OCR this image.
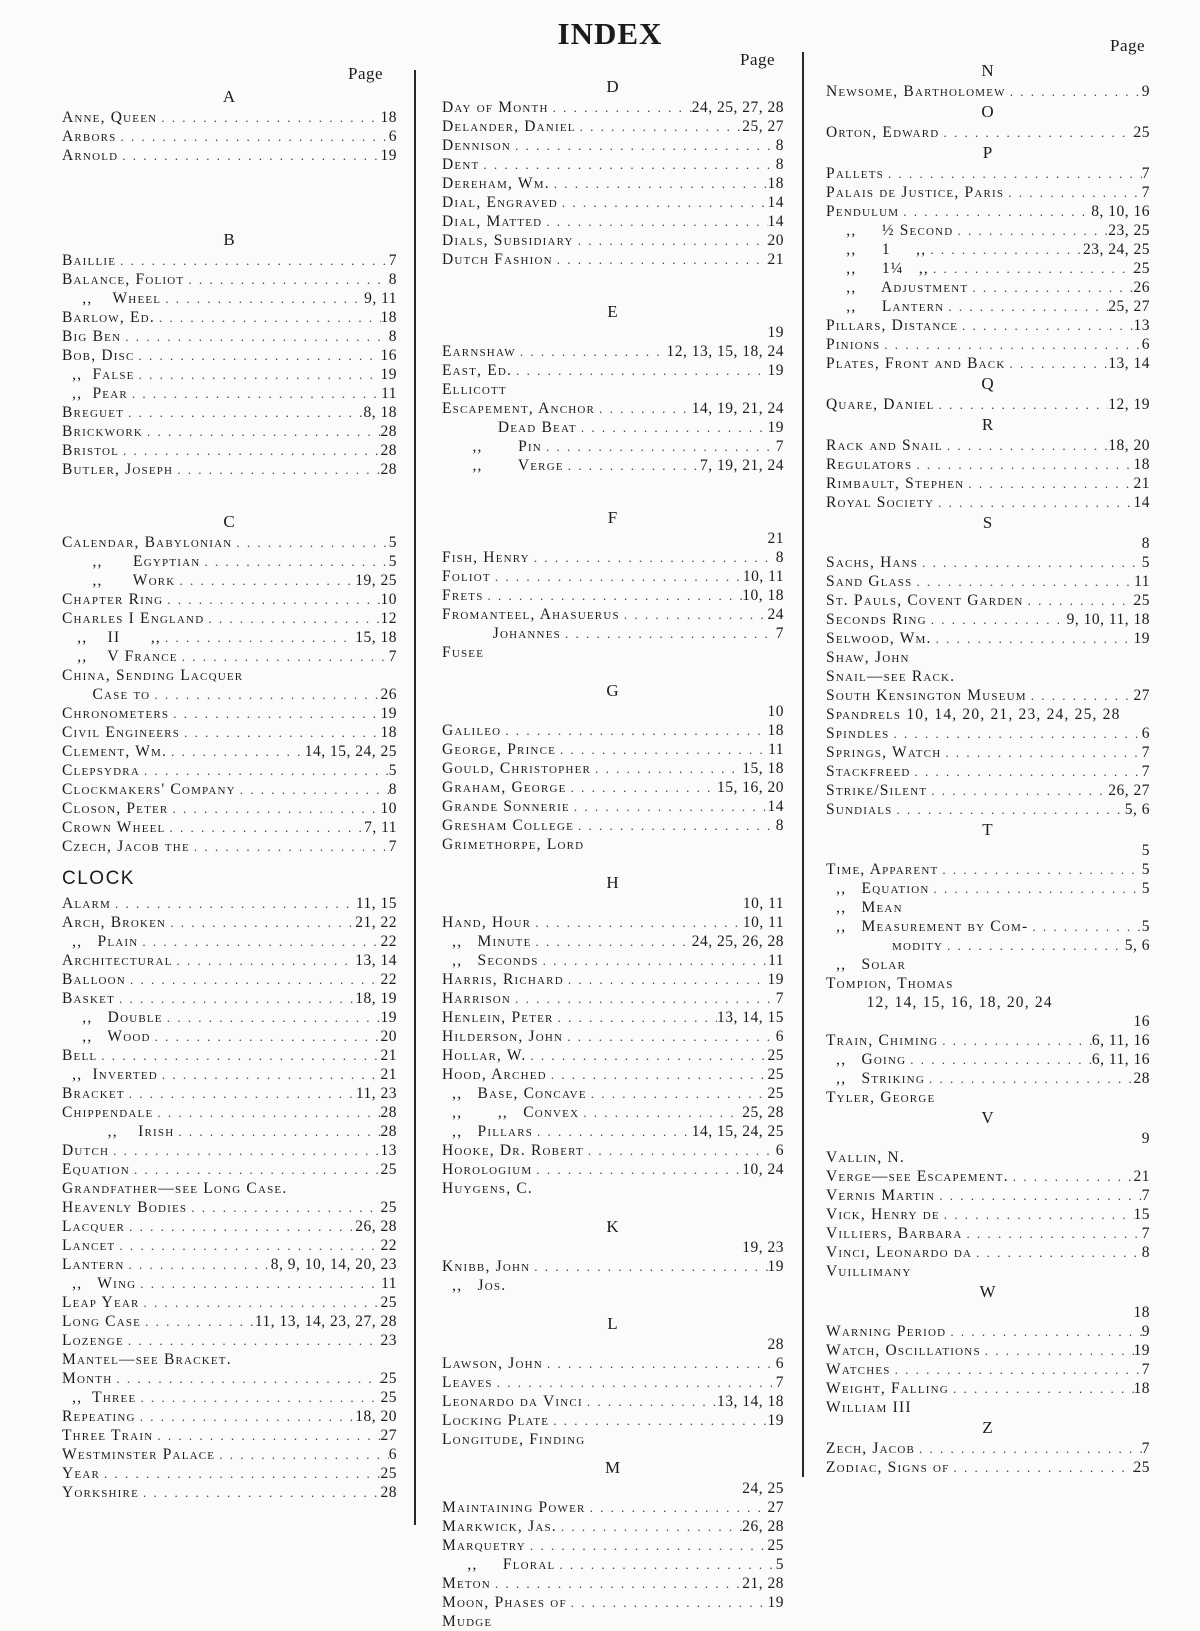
INDEX
Page
Page
Page
A
Anne, Queen . . .	18
Arbors . . .	6
Arnold . . .	19
B
Baillie . . .	7
Balance, Foliot . . .	8
,,    Wheel . . .	9, 11
Barlow, Ed. . . .	18
Big Ben . . .	8
Bob, Disc . . .	16
,,  False . . .	19
,,  Pear . . .	11
Breguet . . .	8, 18
Brickwork . . .	28
Bristol . . .	28
Butler, Joseph . . .	28
C
Calendar, Babylonian . . .	5
,,      Egyptian . . .	5
,,      Work . . .	19, 25
Chapter Ring . . .	10
Charles I England . . .	12
,,    II      ,, . . .	15, 18
,,    V France . . .	7
China, Sending Lacquer
Case to . . .	26
Chronometers . . .	19
Civil Engineers . . .	18
Clement, Wm. . . .	14, 15, 24, 25
Clepsydra . . .	5
Clockmakers' Company . . .	8
Closon, Peter . . .	10
Crown Wheel . . .	7, 11
Czech, Jacob the . . .	7
CLOCK
Alarm . . .	11, 15
Arch, Broken . . .	21, 22
,,   Plain . . .	22
Architectural . . .	13, 14
Balloon . . .	22
Basket . . .	18, 19
,,   Double . . .	19
,,   Wood . . .	20
Bell . . .	21
,,  Inverted . . .	21
Bracket . . .	11, 23
Chippendale . . .	28
,,    Irish . . .	28
Dutch . . .	13
Equation . . .	25
Grandfather—see Long Case.
Heavenly Bodies . . .	25
Lacquer . . .	26, 28
Lancet . . .	22
Lantern . . .	8, 9, 10, 14, 20, 23
,,   Wing . . .	11
Leap Year . . .	25
Long Case . . .	11, 13, 14, 23, 27, 28
Lozenge . . .	23
Mantel—see Bracket.
Month . . .	25
,,  Three . . .	25
Repeating . . .	18, 20
Three Train . . .	27
Westminster Palace . . .	6
Year . . .	25
Yorkshire . . .	28
D
Day of Month . . .	24, 25, 27, 28
Delander, Daniel . . .	25, 27
Dennison . . .	8
Dent . . .	8
Dereham, Wm. . . .	18
Dial, Engraved . . .	14
Dial, Matted . . .	14
Dials, Subsidiary . . .	20
Dutch Fashion . . .	21
E
19
Earnshaw . . .	12, 13, 15, 18, 24
East, Ed. . . .	19
Ellicott
Escapement, Anchor . . .	14, 19, 21, 24
Dead Beat . . .	19
,,       Pin . . .	7
,,       Verge . . .	7, 19, 21, 24
F
21
Fish, Henry . . .	8
Foliot . . .	10, 11
Frets . . .	10, 18
Fromanteel, Ahasuerus . . .	24
Johannes . . .	7
Fusee
G
10
Galileo . . .	18
George, Prince . . .	11
Gould, Christopher . . .	15, 18
Graham, George . . .	15, 16, 20
Grande Sonnerie . . .	14
Gresham College . . .	8
Grimethorpe, Lord
H
10, 11
Hand, Hour . . .	10, 11
,,   Minute . . .	24, 25, 26, 28
,,   Seconds . . .	11
Harris, Richard . . .	19
Harrison . . .	7
Henlein, Peter . . .	13, 14, 15
Hilderson, John . . .	6
Hollar, W. . . .	25
Hood, Arched . . .	25
,,   Base, Concave . . .	25
,,       ,,   Convex . . .	25, 28
,,   Pillars . . .	14, 15, 24, 25
Hooke, Dr. Robert . . .	6
Horologium . . .	10, 24
Huygens, C.
K
19, 23
Knibb, John . . .	19
,,   Jos.
L
28
Lawson, John . . .	6
Leaves . . .	7
Leonardo da Vinci . . .	13, 14, 18
Locking Plate . . .	19
Longitude, Finding
M
24, 25
Maintaining Power . . .	27
Markwick, Jas. . . .	26, 28
Marquetry . . .	25
,,     Floral . . .	5
Meton . . .	21, 28
Moon, Phases of . . .	19
Mudge
N
Newsome, Bartholomew . . .	9
O
Orton, Edward . . .	25
P
Pallets . . .	7
Palais de Justice, Paris . . .	7
Pendulum . . .	8, 10, 16
,,     ½ Second . . .	23, 25
,,     1     ,, . . .	23, 24, 25
,,     1¼   ,, . . .	25
,,     Adjustment . . .	26
,,     Lantern . . .	25, 27
Pillars, Distance . . .	13
Pinions . . .	6
Plates, Front and Back . . .	13, 14
Q
Quare, Daniel . . .	12, 19
R
Rack and Snail . . .	18, 20
Regulators . . .	18
Rimbault, Stephen . . .	21
Royal Society . . .	14
S
8
Sachs, Hans . . .	5
Sand Glass . . .	11
St. Pauls, Covent Garden . . .	25
Seconds Ring . . .	9, 10, 11, 18
Selwood, Wm. . . .	19
Shaw, John
Snail—see Rack.
South Kensington Museum . . .	27
Spandrels 10, 14, 20, 21, 23, 24, 25, 28
Spindles . . .	6
Springs, Watch . . .	7
Stackfreed . . .	7
Strike/Silent . . .	26, 27
Sundials . . .	5, 6
T
5
Time, Apparent . . .	5
,,   Equation . . .	5
,,   Mean
,,   Measurement by Com- . . .	5
modity . . .	5, 6
,,   Solar
Tompion, Thomas
12, 14, 15, 16, 18, 20, 24
16
Train, Chiming . . .	6, 11, 16
,,   Going . . .	6, 11, 16
,,   Striking . . .	28
Tyler, George
V
9
Vallin, N.
Verge—see Escapement. . . .	21
Vernis Martin . . .	7
Vick, Henry de . . .	15
Villiers, Barbara . . .	7
Vinci, Leonardo da . . .	8
Vuillimany
W
18
Warning Period . . .	9
Watch, Oscillations . . .	19
Watches . . .	7
Weight, Falling . . .	18
William III
Z
Zech, Jacob . . .	7
Zodiac, Signs of . . .	25
